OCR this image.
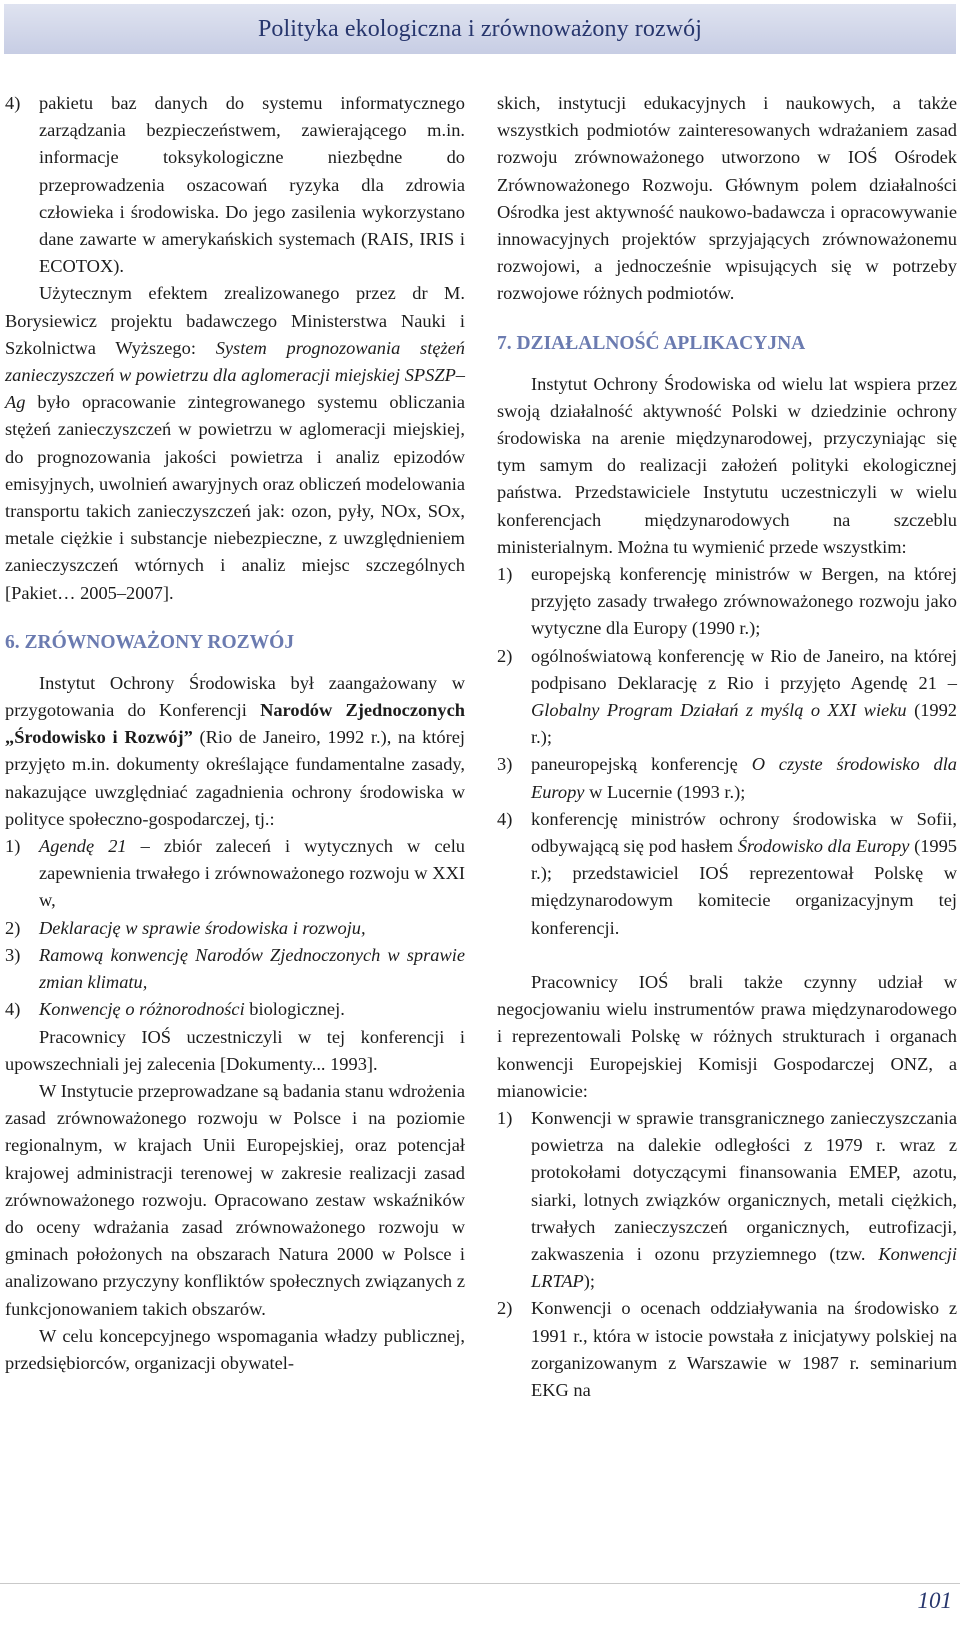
Polityka ekologiczna i zrównoważony rozwój
4)	pakietu baz danych do systemu informatycznego zarządzania bezpieczeństwem, zawierającego m.in. informacje toksykologiczne niezbędne do przeprowadzenia oszacowań ryzyka dla zdrowia człowieka i środowiska. Do jego zasilenia wykorzystano dane zawarte w amerykańskich systemach (RAIS, IRIS i ECOTOX).

Użytecznym efektem zrealizowanego przez dr M. Borysiewicz projektu badawczego Ministerstwa Nauki i Szkolnictwa Wyższego: System prognozowania stężeń zanieczyszczeń w powietrzu dla aglomeracji miejskiej SPSZP–Ag było opracowanie zintegrowanego systemu obliczania stężeń zanieczyszczeń w powietrzu w aglomeracji miejskiej, do prognozowania jakości powietrza i analiz epizodów emisyjnych, uwolnień awaryjnych oraz obliczeń modelowania transportu takich zanieczyszczeń jak: ozon, pyły, NOx, SOx, metale ciężkie i substancje niebezpieczne, z uwzględnieniem zanieczyszczeń wtórnych i analiz miejsc szczególnych [Pakiet… 2005–2007].

6. ZRÓWNOWAŻONY ROZWÓJ

Instytut Ochrony Środowiska był zaangażowany w przygotowania do Konferencji Narodów Zjednoczonych „Środowisko i Rozwój” (Rio de Janeiro, 1992 r.), na której przyjęto m.in. dokumenty określające fundamentalne zasady, nakazujące uwzględniać zagadnienia ochrony środowiska w polityce społeczno-gospodarczej, tj.:

1)	Agendę 21 – zbiór zaleceń i wytycznych w celu zapewnienia trwałego i zrównoważonego rozwoju w XXI w,
2)	Deklarację w sprawie środowiska i rozwoju,
3)	Ramową konwencję Narodów Zjednoczonych w sprawie zmian klimatu,
4)	Konwencję o różnorodności biologicznej.

Pracownicy IOŚ uczestniczyli w tej konferencji i upowszechniali jej zalecenia [Dokumenty... 1993].

W Instytucie przeprowadzane są badania stanu wdrożenia zasad zrównoważonego rozwoju w Polsce i na poziomie regionalnym, w krajach Unii Europejskiej, oraz potencjał krajowej administracji terenowej w zakresie realizacji zasad zrównoważonego rozwoju. Opracowano zestaw wskaźników do oceny wdrażania zasad zrównoważonego rozwoju w gminach położonych na obszarach Natura 2000 w Polsce i analizowano przyczyny konfliktów społecznych związanych z funkcjonowaniem takich obszarów.

W celu koncepcyjnego wspomagania władzy publicznej, przedsiębiorców, organizacji obywatel-

skich, instytucji edukacyjnych i naukowych, a także wszystkich podmiotów zainteresowanych wdrażaniem zasad rozwoju zrównoważonego utworzono w IOŚ Ośrodek Zrównoważonego Rozwoju. Głównym polem działalności Ośrodka jest aktywność naukowo-badawcza i opracowywanie innowacyjnych projektów sprzyjających zrównoważonemu rozwojowi, a jednocześnie wpisujących się w potrzeby rozwojowe różnych podmiotów.

7. DZIAŁALNOŚĆ APLIKACYJNA

Instytut Ochrony Środowiska od wielu lat wspiera przez swoją działalność aktywność Polski w dziedzinie ochrony środowiska na arenie międzynarodowej, przyczyniając się tym samym do realizacji założeń polityki ekologicznej państwa. Przedstawiciele Instytutu uczestniczyli w wielu konferencjach międzynarodowych na szczeblu ministerialnym. Można tu wymienić przede wszystkim:

1)	europejską konferencję ministrów w Bergen, na której przyjęto zasady trwałego zrównoważonego rozwoju jako wytyczne dla Europy (1990 r.);
2)	ogólnoświatową konferencję w Rio de Janeiro, na której podpisano Deklarację z Rio i przyjęto Agendę 21 – Globalny Program Działań z myślą o XXI wieku (1992 r.);
3)	paneuropejską konferencję O czyste środowisko dla Europy w Lucernie (1993 r.);
4)	konferencję ministrów ochrony środowiska w Sofii, odbywającą się pod hasłem Środowisko dla Europy (1995 r.); przedstawiciel IOŚ reprezentował Polskę w międzynarodowym komitecie organizacyjnym tej konferencji.

Pracownicy IOŚ brali także czynny udział w negocjowaniu wielu instrumentów prawa międzynarodowego i reprezentowali Polskę w różnych strukturach i organach konwencji Europejskiej Komisji Gospodarczej ONZ, a mianowicie:

1)	Konwencji w sprawie transgranicznego zanieczyszczania powietrza na dalekie odległości z 1979 r. wraz z protokołami dotyczącymi finansowania EMEP, azotu, siarki, lotnych związków organicznych, metali ciężkich, trwałych zanieczyszczeń organicznych, eutrofizacji, zakwaszenia i ozonu przyziemnego (tzw. Konwencji LRTAP);
2)	Konwencji o ocenach oddziaływania na środowisko z 1991 r., która w istocie powstała z inicjatywy polskiej na zorganizowanym z Warszawie w 1987 r. seminarium EKG na
101
